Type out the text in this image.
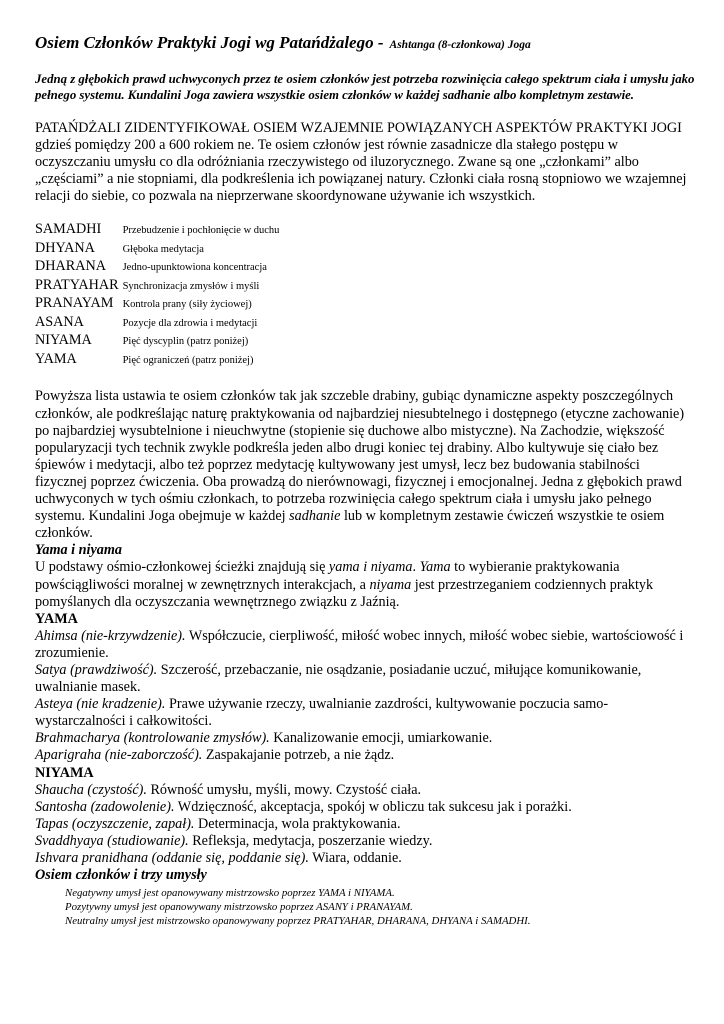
Osiem Członków Praktyki Jogi wg Patańdżalego - Ashtanga (8-członkowa) Joga

Jedną z głębokich prawd uchwyconych przez te osiem członków jest potrzeba rozwinięcia całego spektrum ciała i umysłu jako pełnego systemu. Kundalini Joga zawiera wszystkie osiem członków w każdej sadhanie albo kompletnym zestawie.

PATAŃDŻALI ZIDENTYFIKOWAŁ OSIEM WZAJEMNIE POWIĄZANYCH ASPEKTÓW PRAKTYKI JOGI gdzieś pomiędzy 200 a 600 rokiem ne. Te osiem członów jest równie zasadnicze dla stałego postępu w oczyszczaniu umysłu co dla odróżniania rzeczywistego od iluzorycznego. Zwane są one „członkami” albo „częściami” a nie stopniami, dla podkreślenia ich powiązanej natury. Członki ciała rosną stopniowo we wzajemnej relacji do siebie, co pozwala na nieprzerwane skoordynowane używanie ich wszystkich.

SAMADHI	Przebudzenie i pochłonięcie w duchu
DHYANA	Głęboka medytacja
DHARANA	Jedno-upunktowiona koncentracja
PRATYAHAR	Synchronizacja zmysłów i myśli
PRANAYAM	Kontrola prany (siły życiowej)
ASANA	Pozycje dla zdrowia i medytacji
NIYAMA	Pięć dyscyplin (patrz poniżej)
YAMA	Pięć ograniczeń (patrz poniżej)

Powyższa lista ustawia te osiem członków tak jak szczeble drabiny, gubiąc dynamiczne aspekty poszczególnych członków, ale podkreślając naturę praktykowania od najbardziej niesubtelnego i dostępnego (etyczne zachowanie) po najbardziej wysubtelnione i nieuchwytne (stopienie się duchowe albo mistyczne). Na Zachodzie, większość popularyzacji tych technik zwykle podkreśla jeden albo drugi koniec tej drabiny. Albo kultywuje się ciało bez śpiewów i medytacji, albo też poprzez medytację kultywowany jest umysł, lecz bez budowania stabilności fizycznej poprzez ćwiczenia. Oba prowadzą do nierównowagi, fizycznej i emocjonalnej. Jedna z głębokich prawd uchwyconych w tych ośmiu członkach, to potrzeba rozwinięcia całego spektrum ciała i umysłu jako pełnego systemu. Kundalini Joga obejmuje w każdej sadhanie lub w kompletnym zestawie ćwiczeń wszystkie te osiem członków.

Yama i niyama

U podstawy ośmio-członkowej ścieżki znajdują się yama i niyama. Yama to wybieranie praktykowania powściągliwości moralnej w zewnętrznych interakcjach, a niyama jest przestrzeganiem codziennych praktyk pomyślanych dla oczyszczania wewnętrznego związku z Jaźnią.

YAMA

Ahimsa (nie-krzywdzenie). Współczucie, cierpliwość, miłość wobec innych, miłość wobec siebie, wartościowość i zrozumienie.

Satya (prawdziwość). Szczerość, przebaczanie, nie osądzanie, posiadanie uczuć, miłujące komunikowanie, uwalnianie masek.

Asteya (nie kradzenie). Prawe używanie rzeczy, uwalnianie zazdrości, kultywowanie poczucia samo-wystarczalności i całkowitości.

Brahmacharya (kontrolowanie zmysłów). Kanalizowanie emocji, umiarkowanie.

Aparigraha (nie-zaborczość). Zaspakajanie potrzeb, a nie żądz.

NIYAMA

Shaucha (czystość). Równość umysłu, myśli, mowy. Czystość ciała.

Santosha (zadowolenie). Wdzięczność, akceptacja, spokój w obliczu tak sukcesu jak i porażki.

Tapas (oczyszczenie, zapał). Determinacja, wola praktykowania.

Svaddhyaya (studiowanie). Refleksja, medytacja, poszerzanie wiedzy.

Ishvara pranidhana (oddanie się, poddanie się). Wiara, oddanie.

Osiem członków i trzy umysły

Negatywny umysł jest opanowywany mistrzowsko poprzez YAMA i NIYAMA.
Pozytywny umysł jest opanowywany mistrzowsko poprzez ASANY i PRANAYAM.
Neutralny umysł jest mistrzowsko opanowywany poprzez PRATYAHAR, DHARANA, DHYANA i SAMADHI.
